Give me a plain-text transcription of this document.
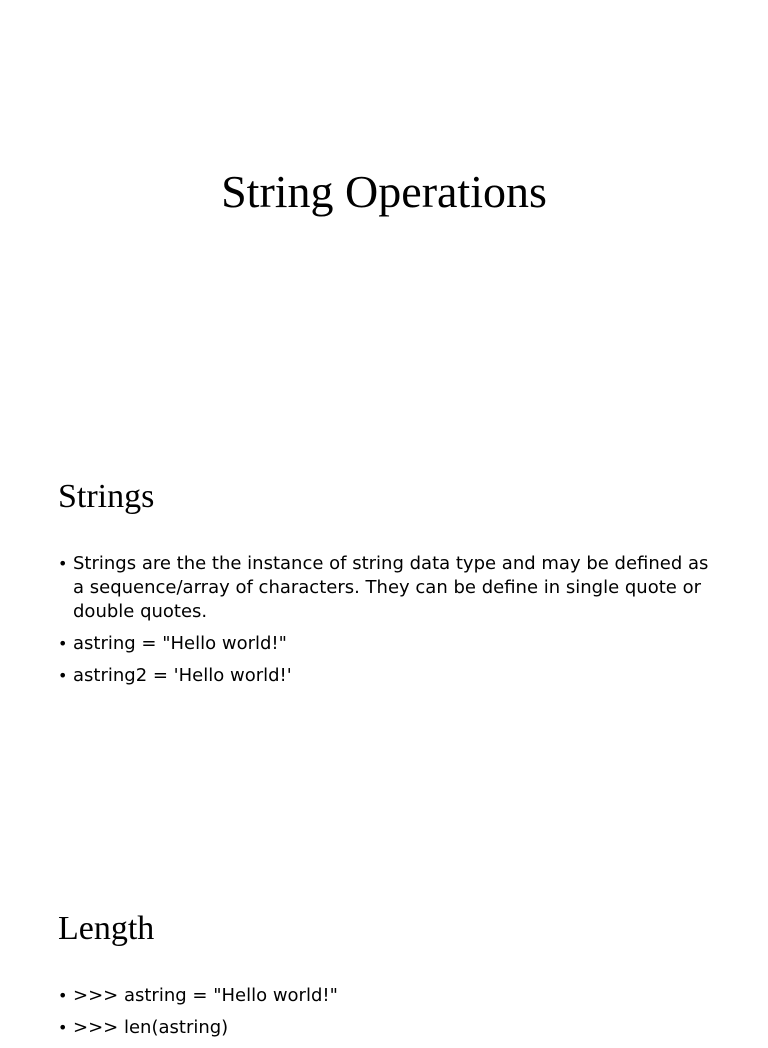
String Operations
Strings
• Strings are the the instance of string data type and may be defined as a sequence/array of characters. They can be define in single quote or double quotes.
• astring = "Hello world!"
• astring2 = 'Hello world!'
Length
• >>> astring = "Hello world!"
• >>> len(astring)
